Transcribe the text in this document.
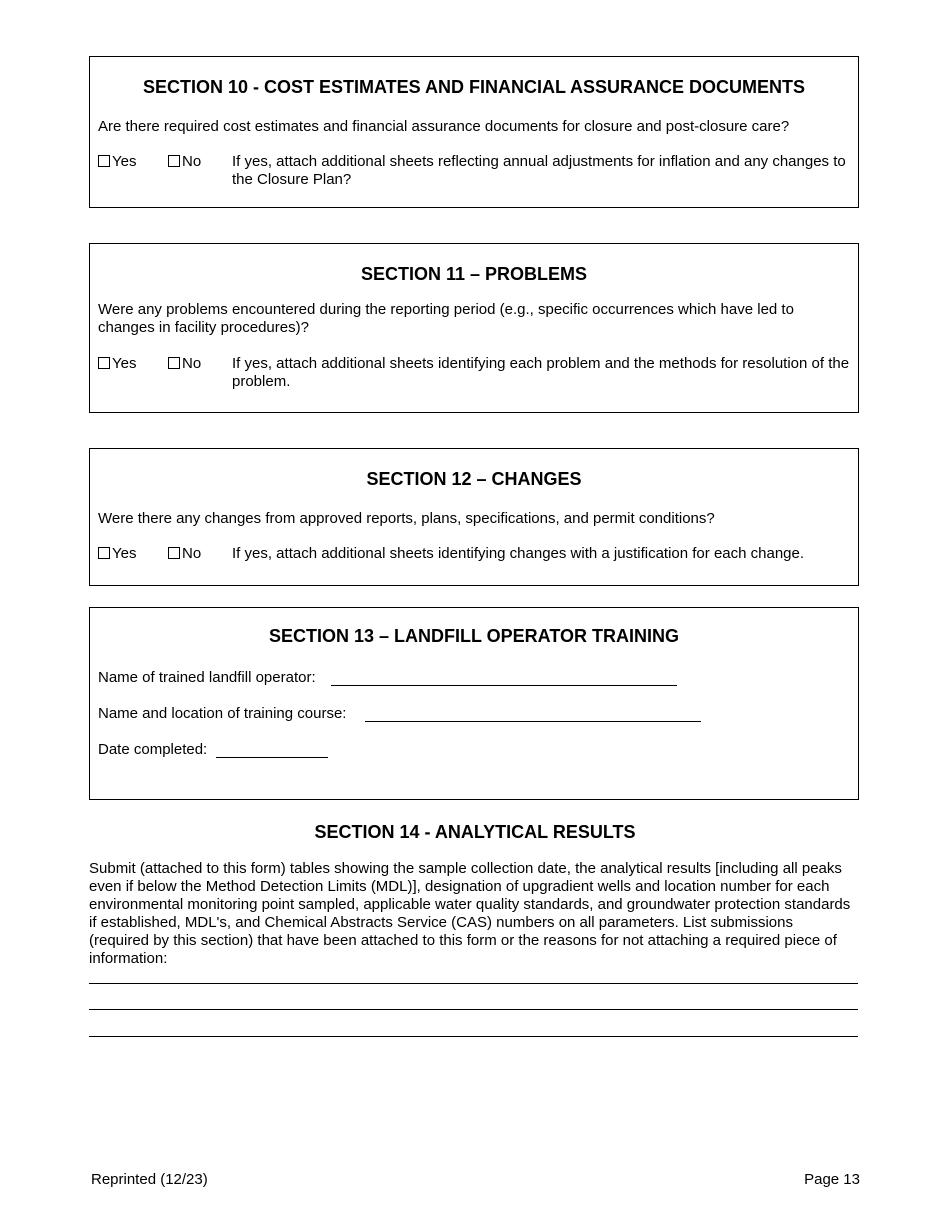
SECTION 10 - COST ESTIMATES AND FINANCIAL ASSURANCE DOCUMENTS
Are there required cost estimates and financial assurance documents for closure and post-closure care?
Yes	No If yes, attach additional sheets reflecting annual adjustments for inflation and any changes to the Closure Plan?
SECTION 11 – PROBLEMS
Were any problems encountered during the reporting period (e.g., specific occurrences which have led to changes in facility procedures)?
Yes	No If yes, attach additional sheets identifying each problem and the methods for resolution of the problem.
SECTION 12 – CHANGES
Were there any changes from approved reports, plans, specifications, and permit conditions?
Yes	No If yes, attach additional sheets identifying changes with a justification for each change.
SECTION 13 – LANDFILL OPERATOR TRAINING
Name of trained landfill operator:
Name and location of training course:
Date completed:
SECTION 14 - ANALYTICAL RESULTS
Submit (attached to this form) tables showing the sample collection date, the analytical results [including all peaks even if below the Method Detection Limits (MDL)], designation of upgradient wells and location number for each environmental monitoring point sampled, applicable water quality standards, and groundwater protection standards if established, MDL's, and Chemical Abstracts Service (CAS) numbers on all parameters. List submissions (required by this section) that have been attached to this form or the reasons for not attaching a required piece of information:
Reprinted (12/23)	Page 13
